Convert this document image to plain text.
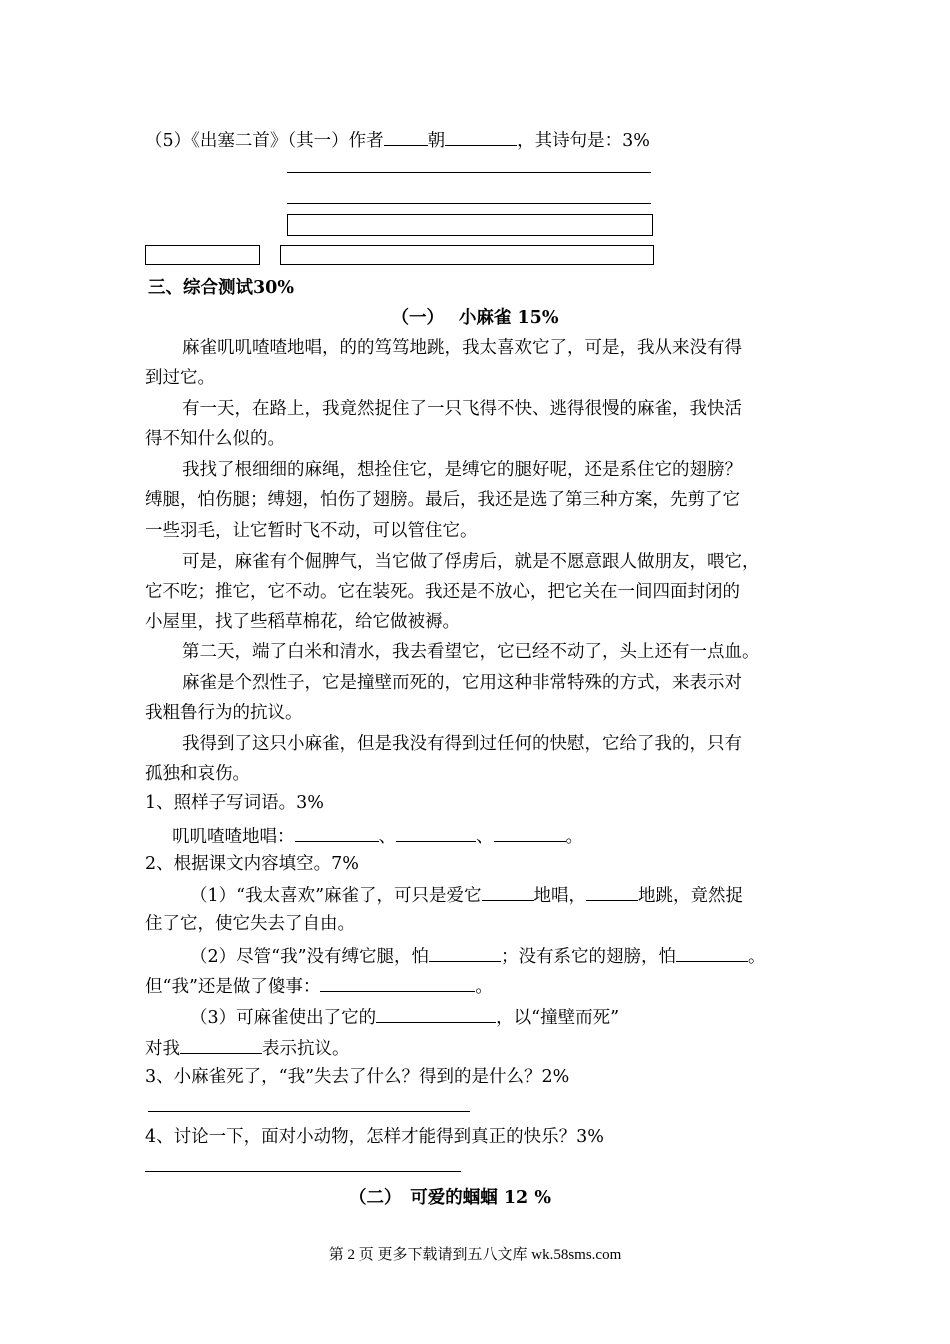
（5）《出塞二首》（其一）作者	朝	，其诗句是：3%
三、综合测试30%
（一）　 小麻雀 15%
麻雀叽叽喳喳地唱，的的笃笃地跳，我太喜欢它了，可是，我从来没有得
到过它。
有一天，在路上，我竟然捉住了一只飞得不快、逃得很慢的麻雀，我快活
得不知什么似的。
我找了根细细的麻绳，想拴住它，是缚它的腿好呢，还是系住它的翅膀？
缚腿，怕伤腿；缚翅，怕伤了翅膀。最后，我还是选了第三种方案，先剪了它
一些羽毛，让它暂时飞不动，可以管住它。
可是，麻雀有个倔脾气，当它做了俘虏后，就是不愿意跟人做朋友，喂它，
它不吃；推它，它不动。它在装死。我还是不放心，把它关在一间四面封闭的
小屋里，找了些稻草棉花，给它做被褥。
第二天，端了白米和清水，我去看望它，它已经不动了，头上还有一点血。
麻雀是个烈性子，它是撞壁而死的，它用这种非常特殊的方式，来表示对
我粗鲁行为的抗议。
我得到了这只小麻雀，但是我没有得到过任何的快慰，它给了我的，只有
孤独和哀伤。
1、照样子写词语。3%
叽叽喳喳地唱：	、	、	。
2、根据课文内容填空。7%
（1）“我太喜欢”麻雀了，可只是爱它	地唱，	地跳，竟然捉
住了它，使它失去了自由。
（2）尽管“我”没有缚它腿，怕	；没有系它的翅膀，怕	。
但“我”还是做了傻事：	。
（3）可麻雀使出了它的	，以“撞壁而死”
对我	表示抗议。
3、小麻雀死了，“我”失去了什么？得到的是什么？2%
4、讨论一下，面对小动物，怎样才能得到真正的快乐？3%
（二）　可爱的蝈蝈 12 %
第 2 页 更多下载请到五八文库 wk.58sms.com
